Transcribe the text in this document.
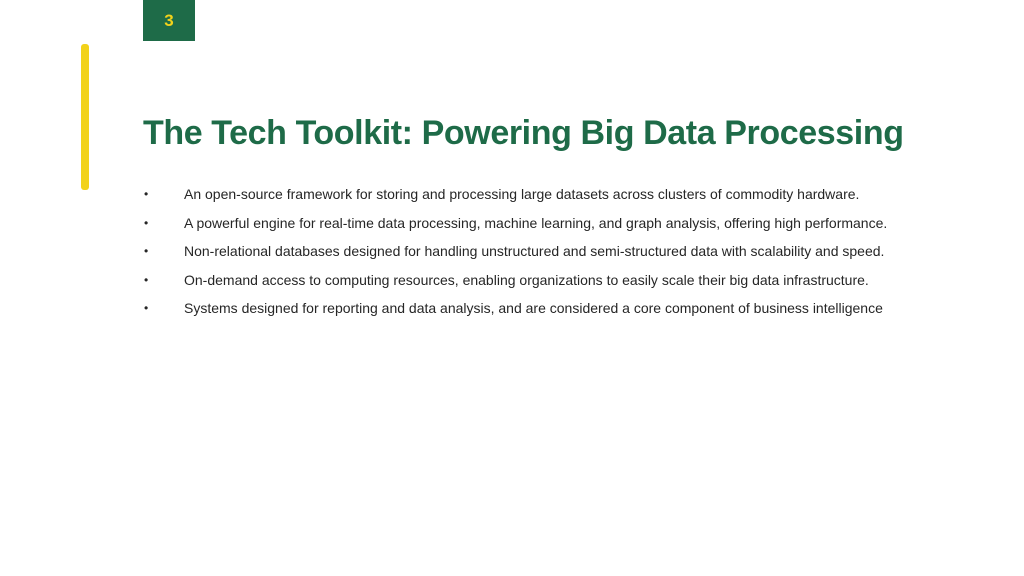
3
The Tech Toolkit: Powering Big Data Processing
•	An open-source framework for storing and processing large datasets across clusters of commodity hardware.
•	A powerful engine for real-time data processing, machine learning, and graph analysis, offering high performance.
•	Non-relational databases designed for handling unstructured and semi-structured data with scalability and speed.
•	On-demand access to computing resources, enabling organizations to easily scale their big data infrastructure.
•	Systems designed for reporting and data analysis, and are considered a core component of business intelligence
